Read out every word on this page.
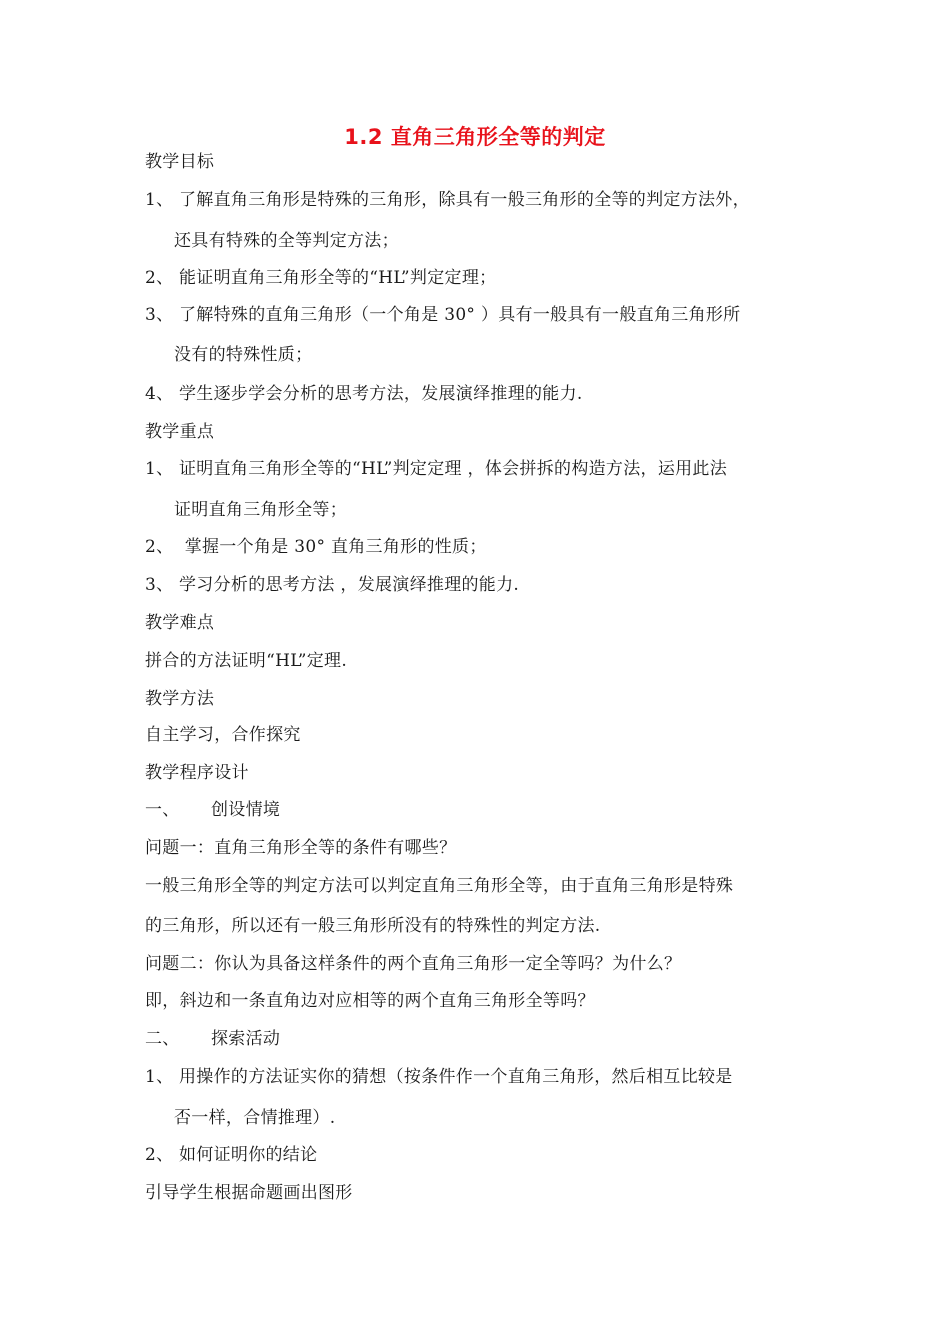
1.2 直角三角形全等的判定
教学目标
1、 了解直角三角形是特殊的三角形，除具有一般三角形的全等的判定方法外，
还具有特殊的全等判定方法；
2、 能证明直角三角形全等的“HL”判定定理；
3、 了解特殊的直角三角形（一个角是 30° ）具有一般具有一般直角三角形所
没有的特殊性质；
4、 学生逐步学会分析的思考方法，发展演绎推理的能力.
教学重点
1、 证明直角三角形全等的“HL”判定定理 ，体会拼拆的构造方法，运用此法
证明直角三角形全等；
2、 掌握一个角是 30° 直角三角形的性质；
3、 学习分析的思考方法 ，发展演绎推理的能力.
教学难点
拼合的方法证明“HL”定理.
教学方法
自主学习，合作探究
教学程序设计
一、 创设情境
问题一：直角三角形全等的条件有哪些？
一般三角形全等的判定方法可以判定直角三角形全等，由于直角三角形是特殊
的三角形，所以还有一般三角形所没有的特殊性的判定方法.
问题二：你认为具备这样条件的两个直角三角形一定全等吗？为什么？
即，斜边和一条直角边对应相等的两个直角三角形全等吗？
二、 探索活动
1、 用操作的方法证实你的猜想（按条件作一个直角三角形，然后相互比较是
否一样，合情推理）.
2、 如何证明你的结论
引导学生根据命题画出图形
